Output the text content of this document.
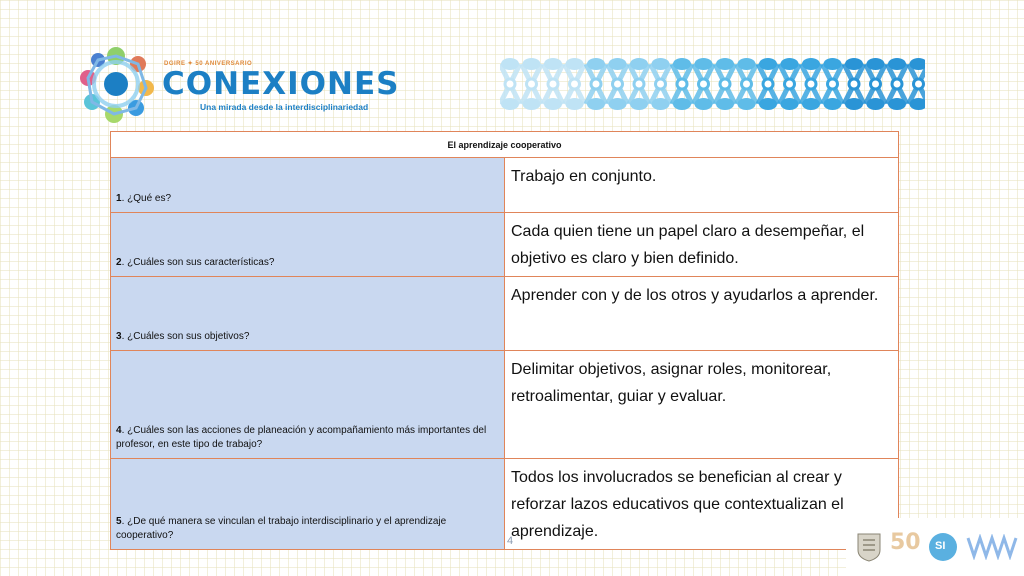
DGIRE ✦ 50 ANIVERSARIO
CONEXIONES
Una mirada desde la interdisciplinariedad
El aprendizaje cooperativo	
1. ¿Qué es?	Trabajo en conjunto.
2. ¿Cuáles son sus características?	Cada quien tiene un papel claro a desempeñar, el objetivo es claro y bien definido.
3. ¿Cuáles son sus objetivos?	Aprender con y de los otros y ayudarlos a aprender.
4. ¿Cuáles son las acciones de planeación y acompañamiento más importantes del profesor, en este tipo de trabajo?	Delimitar objetivos, asignar roles, monitorear, retroalimentar, guiar y evaluar.
5. ¿De qué manera se vinculan el trabajo interdisciplinario y el aprendizaje cooperativo?	Todos los involucrados se benefician al crear y reforzar lazos educativos que contextualizan el aprendizaje.
4	50 SI
